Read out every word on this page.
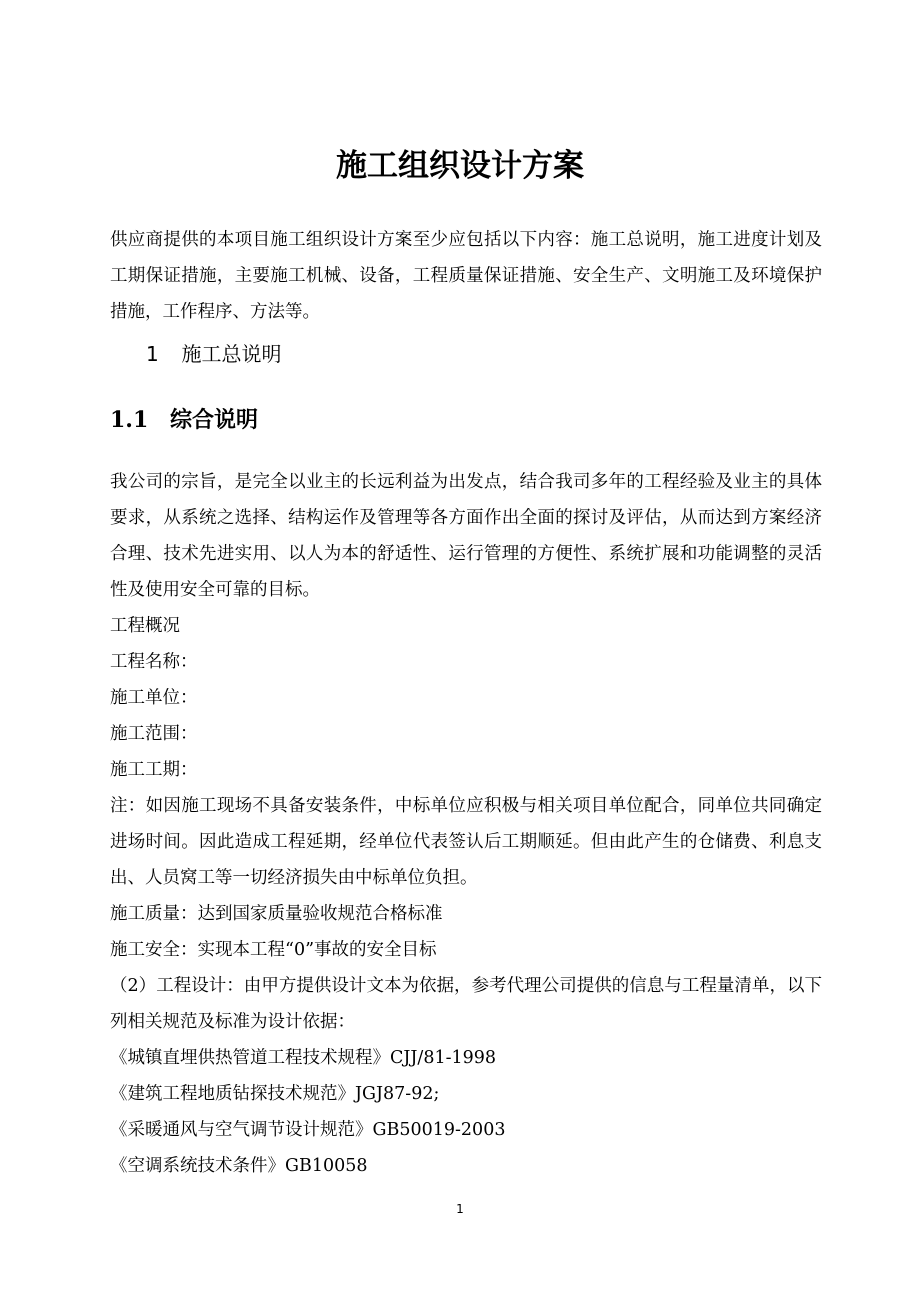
施工组织设计方案

供应商提供的本项目施工组织设计方案至少应包括以下内容：施工总说明，施工进度计划及工期保证措施，主要施工机械、设备，工程质量保证措施、安全生产、文明施工及环境保护措施，工作程序、方法等。

1 施工总说明
1.1 综合说明

我公司的宗旨，是完全以业主的长远利益为出发点，结合我司多年的工程经验及业主的具体要求，从系统之选择、结构运作及管理等各方面作出全面的探讨及评估，从而达到方案经济合理、技术先进实用、以人为本的舒适性、运行管理的方便性、系统扩展和功能调整的灵活性及使用安全可靠的目标。

工程概况

工程名称：

施工单位：

施工范围：

施工工期：

注：如因施工现场不具备安装条件，中标单位应积极与相关项目单位配合，同单位共同确定进场时间。因此造成工程延期，经单位代表签认后工期顺延。但由此产生的仓储费、利息支出、人员窝工等一切经济损失由中标单位负担。

施工质量：达到国家质量验收规范合格标准

施工安全：实现本工程“0”事故的安全目标

（2）工程设计：由甲方提供设计文本为依据，参考代理公司提供的信息与工程量清单，以下列相关规范及标准为设计依据：

《城镇直埋供热管道工程技术规程》CJJ/81-1998

《建筑工程地质钻探技术规范》JGJ87-92;

《采暖通风与空气调节设计规范》GB50019-2003

《空调系统技术条件》GB10058

1
